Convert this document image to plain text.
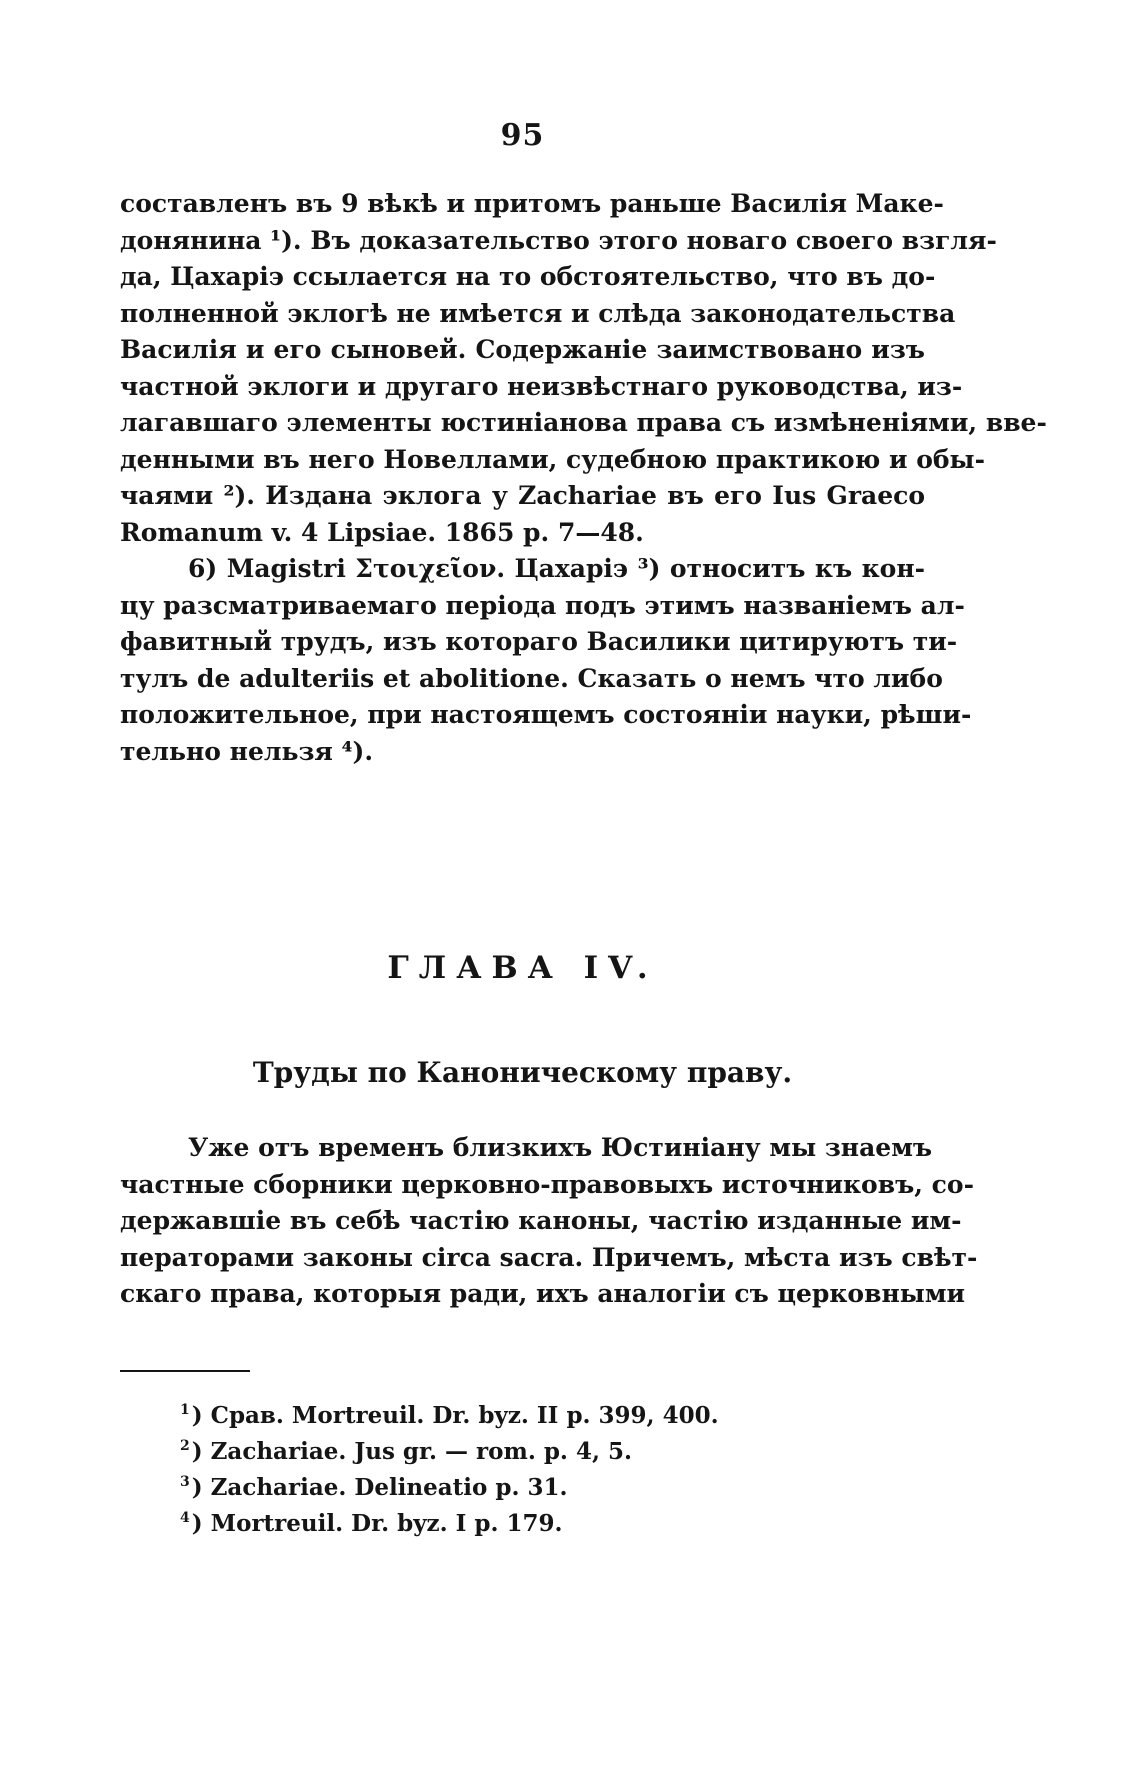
95
составленъ въ 9 вѣкѣ и притомъ раньше Василія Маке-
донянина ¹). Въ доказательство этого новаго своего взгля-
да, Цахаріэ ссылается на то обстоятельство, что въ до-
полненной эклогѣ не имѣется и слѣда законодательства
Василія и его сыновей. Содержаніе заимствовано изъ
частной эклоги и другаго неизвѣстнаго руководства, из-
лагавшаго элементы юстиніанова права съ измѣненіями, вве-
денными въ него Новеллами, судебною практикою и обы-
чаями ²). Издана эклога у Zachariae въ его Ius Graeco
Romanum v. 4 Lipsiae. 1865 p. 7—48.
6) Magistri Στοιχεῖον. Цахаріэ ³) относитъ къ кон-
цу разсматриваемаго періода подъ этимъ названіемъ ал-
фавитный трудъ, изъ котораго Василики цитируютъ ти-
тулъ de adulteriis et abolitione. Сказать о немъ что либо
положительное, при настоящемъ состояніи науки, рѣши-
тельно нельзя ⁴).
ГЛАВА IV.
Труды по Каноническому праву.
Уже отъ временъ близкихъ Юстиніану мы знаемъ
частные сборники церковно-правовыхъ источниковъ, со-
державшіе въ себѣ частію каноны, частію изданные им-
ператорами законы circa sacra. Причемъ, мѣста изъ свѣт-
скаго права, которыя ради, ихъ аналогіи съ церковными
$^1$) Срав. Mortreuil. Dr. byz. II p. 399, 400.
$^2$) Zachariae. Jus gr. — rom. p. 4, 5.
$^3$) Zachariae. Delineatio p. 31.
$^4$) Mortreuil. Dr. byz. I p. 179.
